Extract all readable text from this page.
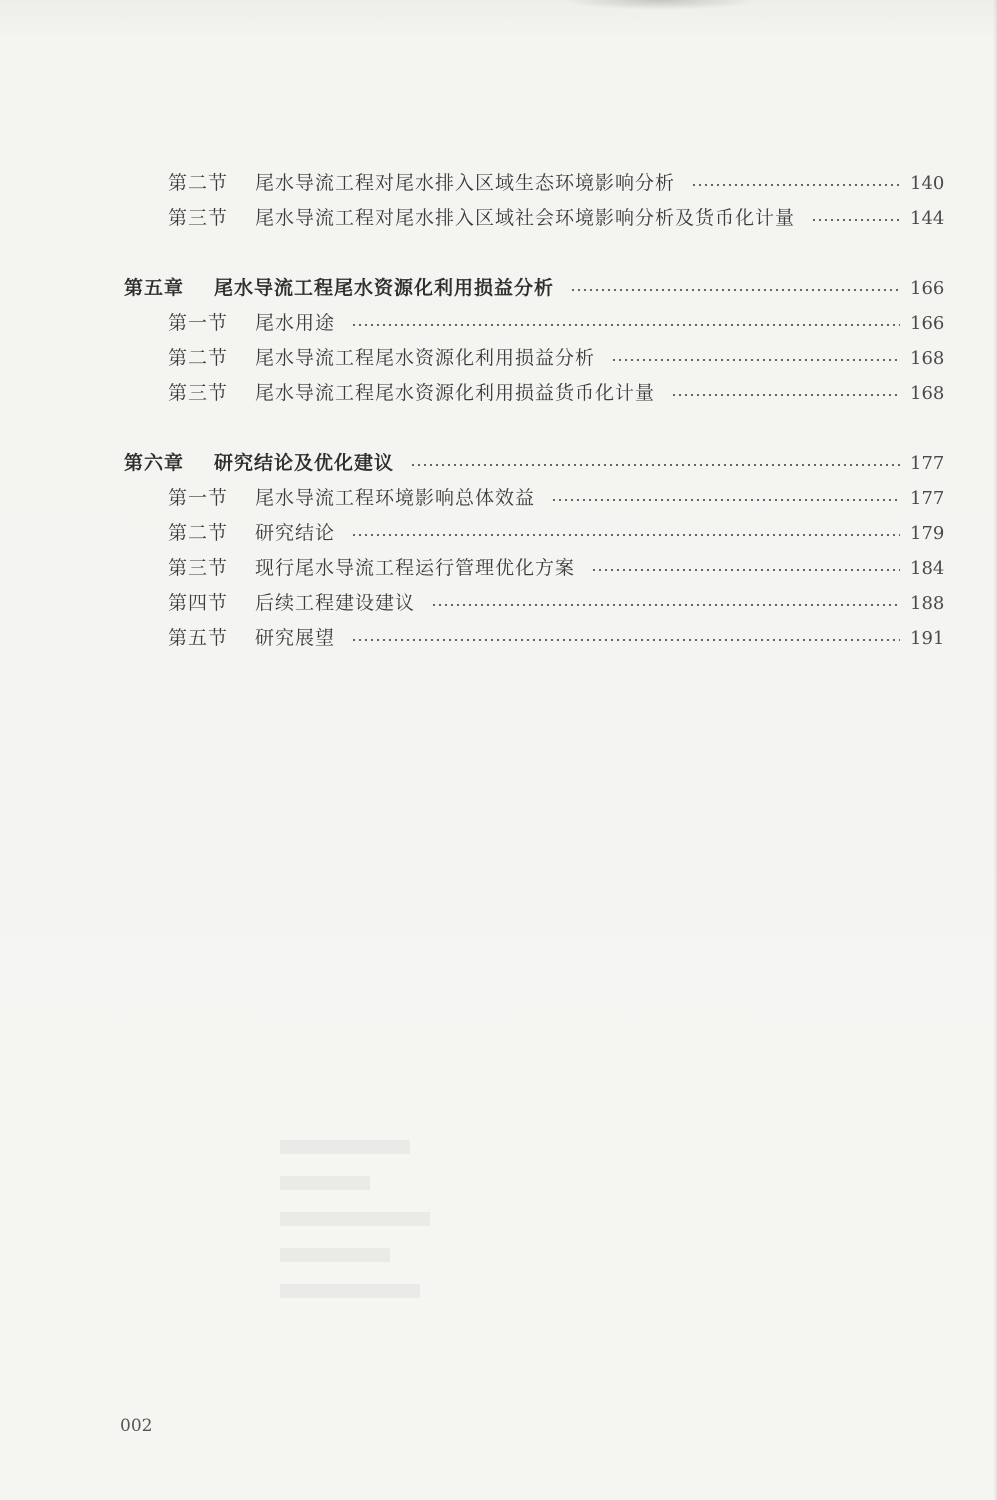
第二节	尾水导流工程对尾水排入区域生态环境影响分析	140
第三节	尾水导流工程对尾水排入区域社会环境影响分析及货币化计量	144
第五章	尾水导流工程尾水资源化利用损益分析	166
第一节	尾水用途	166
第二节	尾水导流工程尾水资源化利用损益分析	168
第三节	尾水导流工程尾水资源化利用损益货币化计量	168
第六章	研究结论及优化建议	177
第一节	尾水导流工程环境影响总体效益	177
第二节	研究结论	179
第三节	现行尾水导流工程运行管理优化方案	184
第四节	后续工程建设建议	188
第五节	研究展望	191
002
